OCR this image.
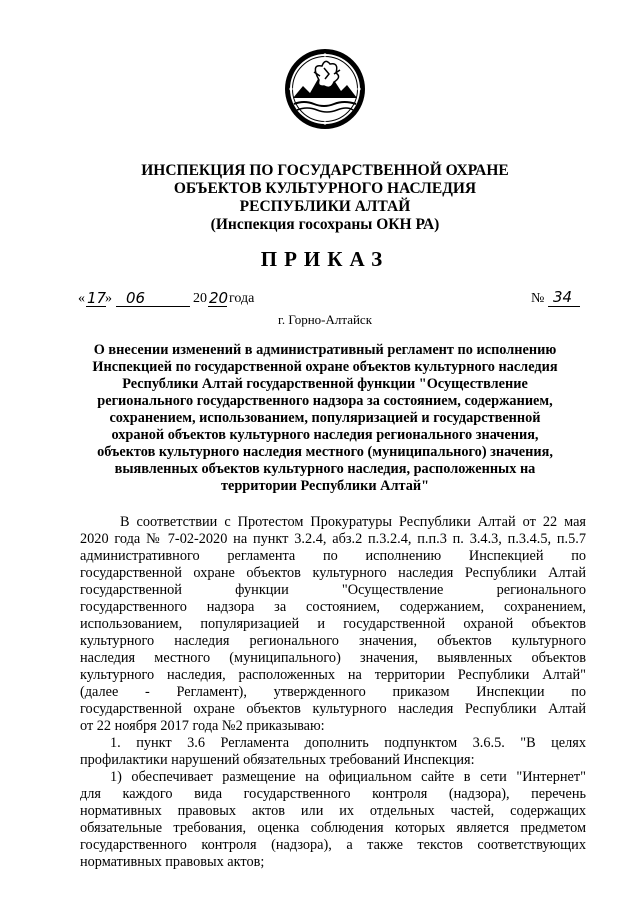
ИНСПЕКЦИЯ ПО ГОСУДАРСТВЕННОЙ ОХРАНЕ
ОБЪЕКТОВ КУЛЬТУРНОГО НАСЛЕДИЯ
РЕСПУБЛИКИ АЛТАЙ
(Инспекция госохраны ОКН РА)
ПРИКАЗ
« 17
» 06	20 20 года	№ 34
г. Горно-Алтайск
О внесении изменений в административный регламент по исполнению
Инспекцией по государственной охране объектов культурного наследия
Республики Алтай государственной функции "Осуществление
регионального государственного надзора за состоянием, содержанием,
сохранением, использованием, популяризацией и государственной
охраной объектов культурного наследия регионального значения,
объектов культурного наследия местного (муниципального) значения,
выявленных объектов культурного наследия, расположенных на
территории Республики Алтай"
В соответствии с Протестом Прокуратуры Республики Алтай от 22 мая
2020 года № 7-02-2020 на пункт 3.2.4, абз.2 п.3.2.4, п.п.3 п. 3.4.3, п.3.4.5, п.5.7
административного регламента по исполнению Инспекцией по
государственной охране объектов культурного наследия Республики Алтай
государственной функции "Осуществление регионального
государственного надзора за состоянием, содержанием, сохранением,
использованием, популяризацией и государственной охраной объектов
культурного наследия регионального значения, объектов культурного
наследия местного (муниципального) значения, выявленных объектов
культурного наследия, расположенных на территории Республики Алтай"
(далее - Регламент), утвержденного приказом Инспекции по
государственной охране объектов культурного наследия Республики Алтай
от 22 ноября 2017 года №2 приказываю:
1. пункт 3.6 Регламента дополнить подпунктом 3.6.5. "В целях
профилактики нарушений обязательных требований Инспекция:
1) обеспечивает размещение на официальном сайте в сети "Интернет"
для каждого вида государственного контроля (надзора), перечень
нормативных правовых актов или их отдельных частей, содержащих
обязательные требования, оценка соблюдения которых является предметом
государственного контроля (надзора), а также текстов соответствующих
нормативных правовых актов;
